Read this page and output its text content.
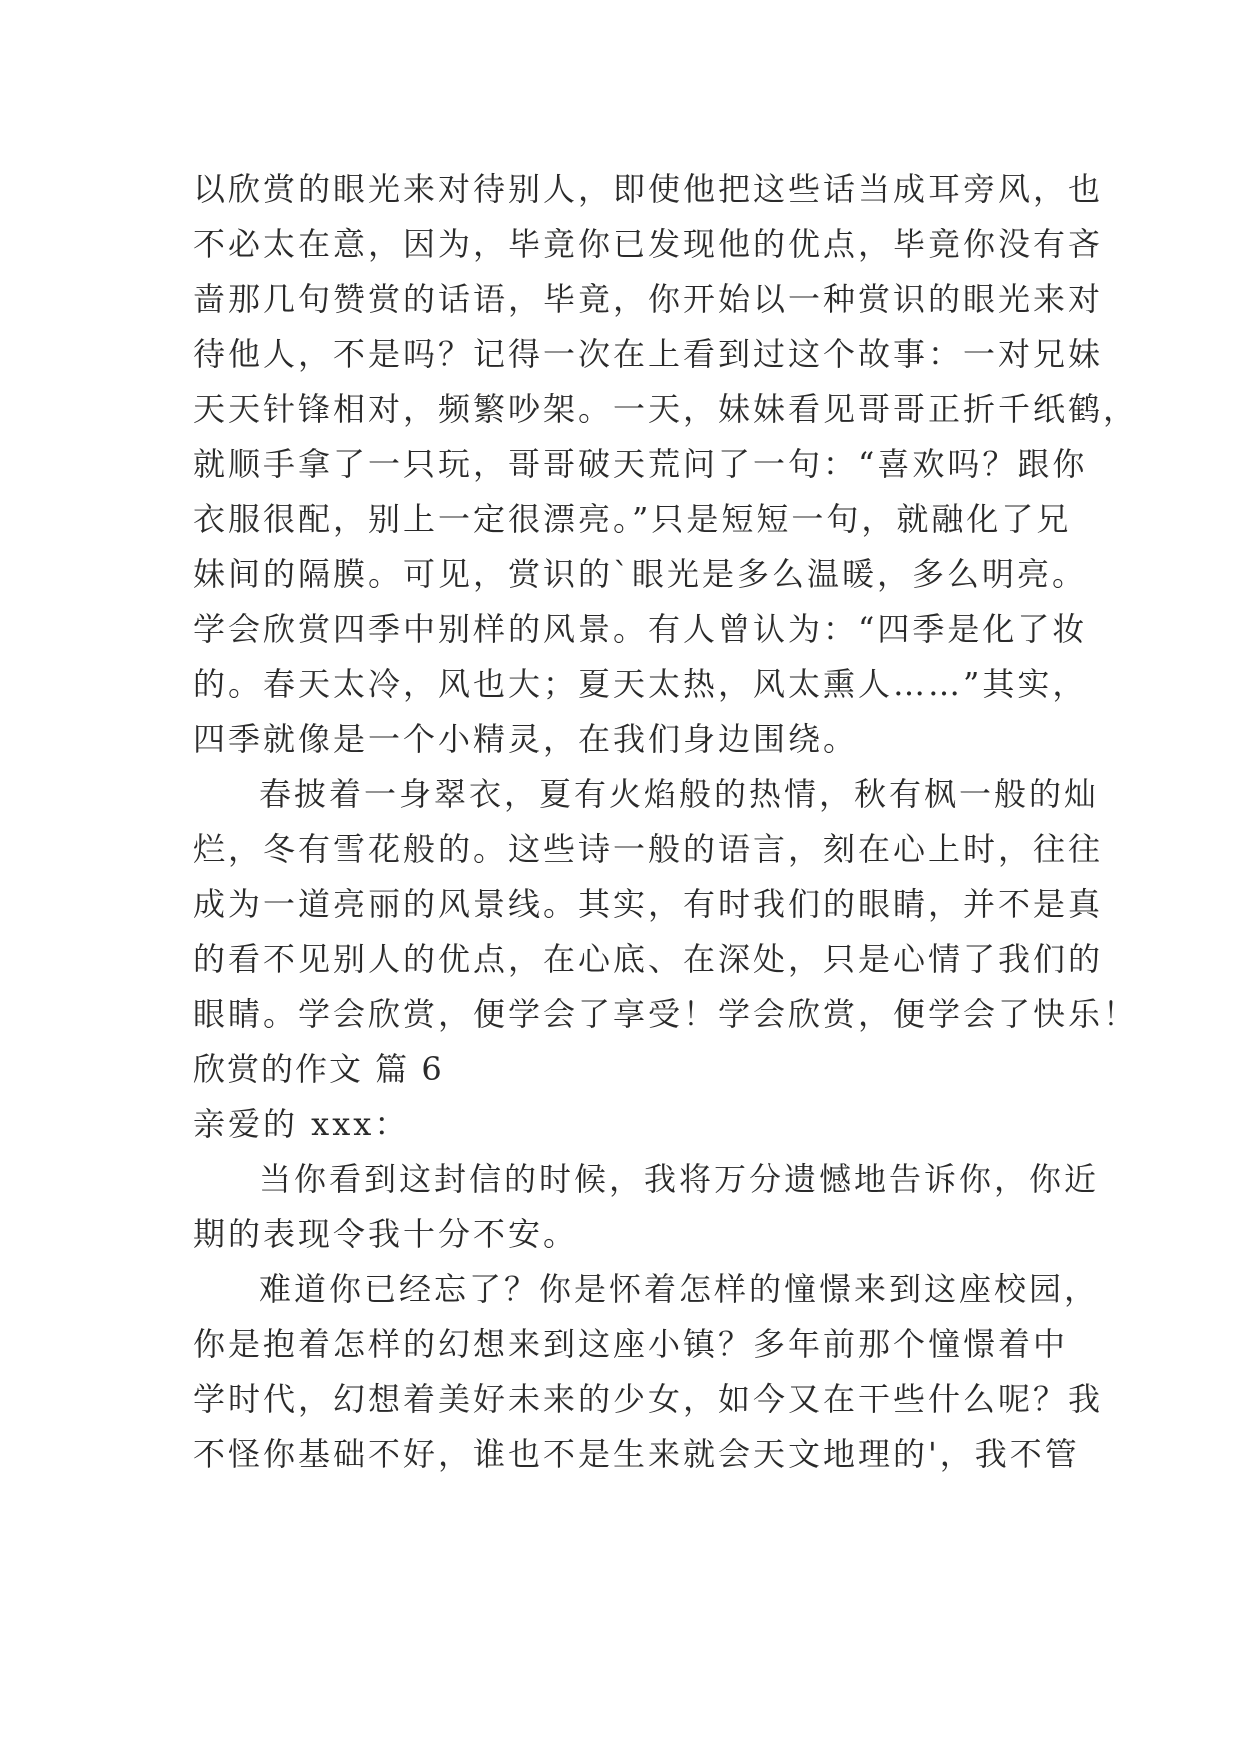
以欣赏的眼光来对待别人，即使他把这些话当成耳旁风，也
不必太在意，因为，毕竟你已发现他的优点，毕竟你没有吝
啬那几句赞赏的话语，毕竟，你开始以一种赏识的眼光来对
待他人，不是吗？记得一次在上看到过这个故事：一对兄妹
天天针锋相对，频繁吵架。一天，妹妹看见哥哥正折千纸鹤，
就顺手拿了一只玩，哥哥破天荒问了一句：“喜欢吗？跟你
衣服很配，别上一定很漂亮。”只是短短一句，就融化了兄
妹间的隔膜。可见，赏识的`眼光是多么温暖，多么明亮。
学会欣赏四季中别样的风景。有人曾认为：“四季是化了妆
的。春天太冷，风也大；夏天太热，风太熏人……”其实，
四季就像是一个小精灵，在我们身边围绕。
春披着一身翠衣，夏有火焰般的热情，秋有枫一般的灿
烂，冬有雪花般的。这些诗一般的语言，刻在心上时，往往
成为一道亮丽的风景线。其实，有时我们的眼睛，并不是真
的看不见别人的优点，在心底、在深处，只是心情了我们的
眼睛。学会欣赏，便学会了享受！学会欣赏，便学会了快乐！
欣赏的作文 篇 6
亲爱的 xxx：
当你看到这封信的时候，我将万分遗憾地告诉你，你近
期的表现令我十分不安。
难道你已经忘了？你是怀着怎样的憧憬来到这座校园，
你是抱着怎样的幻想来到这座小镇？多年前那个憧憬着中
学时代，幻想着美好未来的少女，如今又在干些什么呢？我
不怪你基础不好，谁也不是生来就会天文地理的'，我不管
